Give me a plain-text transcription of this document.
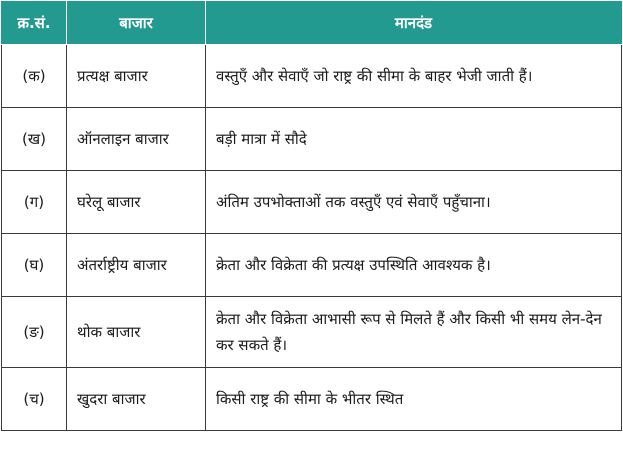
क्र.सं.	बाजार	मानदंड
(क)	प्रत्यक्ष बाजार	वस्तुएँ और सेवाएँ जो राष्ट्र की सीमा के बाहर भेजी जाती हैं।
(ख)	ऑनलाइन बाजार	बड़ी मात्रा में सौदे
(ग)	घरेलू बाजार	अंतिम उपभोक्ताओं तक वस्तुएँ एवं सेवाएँ पहुँचाना।
(घ)	अंतर्राष्ट्रीय बाजार	क्रेता और विक्रेता की प्रत्यक्ष उपस्थिति आवश्यक है।
(ङ)	थोक बाजार	क्रेता और विक्रेता आभासी रूप से मिलते हैं और किसी भी समय लेन-देन कर सकते हैं।
(च)	खुदरा बाजार	किसी राष्ट्र की सीमा के भीतर स्थित
